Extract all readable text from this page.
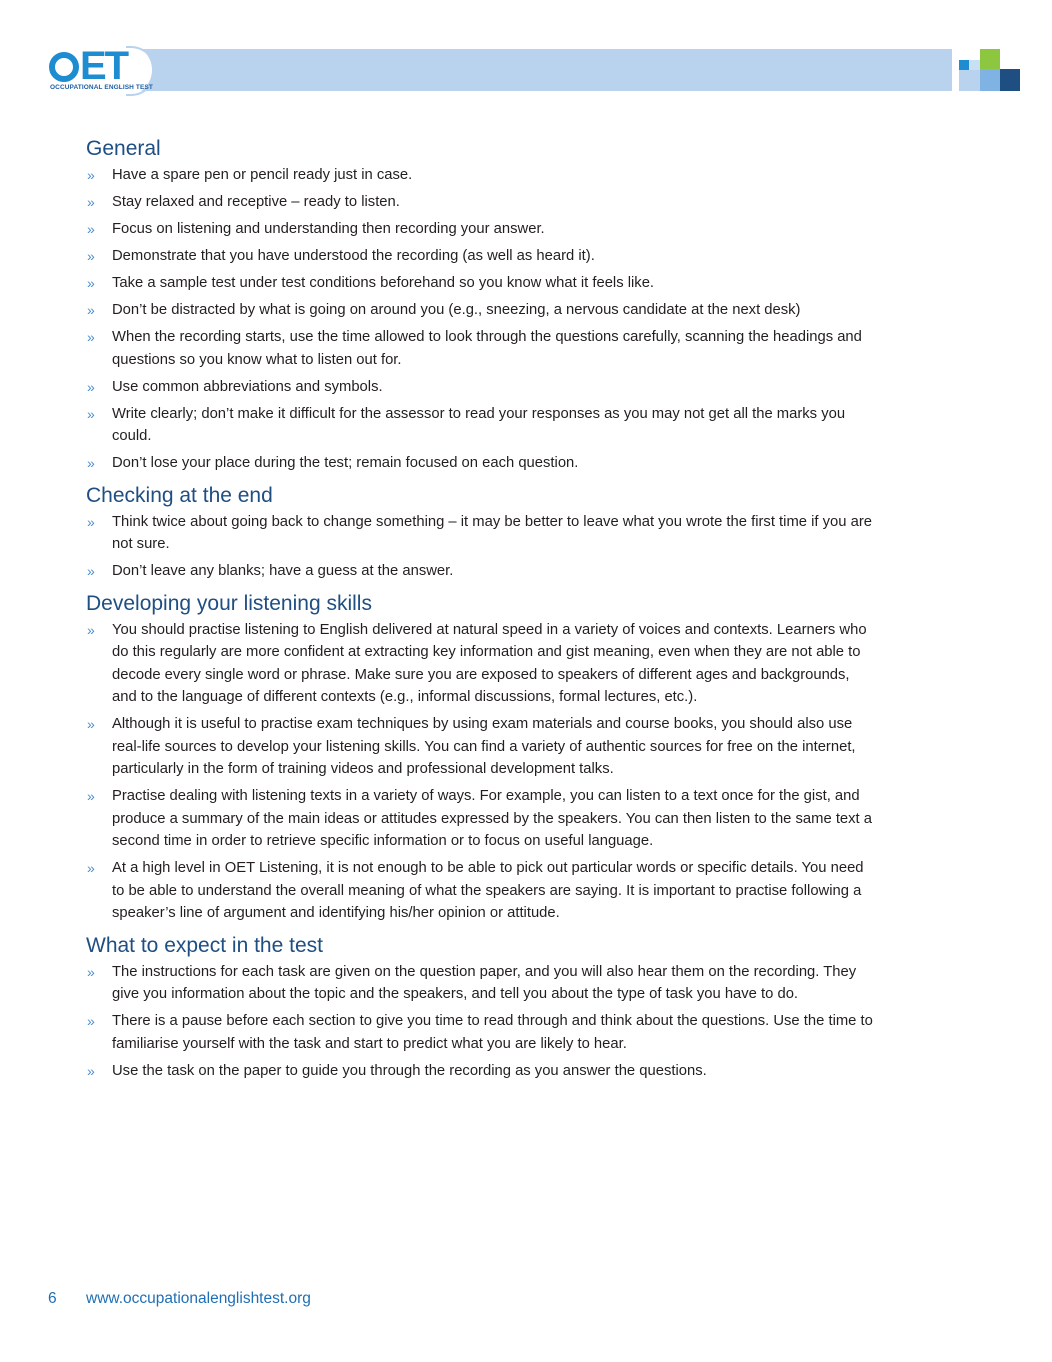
ET
OCCUPATIONAL ENGLISH TEST
General
» Have a spare pen or pencil ready just in case.
» Stay relaxed and receptive – ready to listen.
» Focus on listening and understanding then recording your answer.
» Demonstrate that you have understood the recording (as well as heard it).
» Take a sample test under test conditions beforehand so you know what it feels like.
» Don’t be distracted by what is going on around you (e.g., sneezing, a nervous candidate at the next desk)
» When the recording starts, use the time allowed to look through the questions carefully, scanning the headings and questions so you know what to listen out for.
» Use common abbreviations and symbols.
» Write clearly; don’t make it difficult for the assessor to read your responses as you may not get all the marks you could.
» Don’t lose your place during the test; remain focused on each question.
Checking at the end
» Think twice about going back to change something – it may be better to leave what you wrote the first time if you are not sure.
» Don’t leave any blanks; have a guess at the answer.
Developing your listening skills
» You should practise listening to English delivered at natural speed in a variety of voices and contexts. Learners who do this regularly are more confident at extracting key information and gist meaning, even when they are not able to decode every single word or phrase. Make sure you are exposed to speakers of different ages and backgrounds, and to the language of different contexts (e.g., informal discussions, formal lectures, etc.).
» Although it is useful to practise exam techniques by using exam materials and course books, you should also use real-life sources to develop your listening skills. You can find a variety of authentic sources for free on the internet, particularly in the form of training videos and professional development talks.
» Practise dealing with listening texts in a variety of ways. For example, you can listen to a text once for the gist, and produce a summary of the main ideas or attitudes expressed by the speakers. You can then listen to the same text a second time in order to retrieve specific information or to focus on useful language.
» At a high level in OET Listening, it is not enough to be able to pick out particular words or specific details. You need to be able to understand the overall meaning of what the speakers are saying. It is important to practise following a speaker’s line of argument and identifying his/her opinion or attitude.
What to expect in the test
» The instructions for each task are given on the question paper, and you will also hear them on the recording. They give you information about the topic and the speakers, and tell you about the type of task you have to do.
» There is a pause before each section to give you time to read through and think about the questions. Use the time to familiarise yourself with the task and start to predict what you are likely to hear.
» Use the task on the paper to guide you through the recording as you answer the questions.
6 www.occupationalenglishtest.org
